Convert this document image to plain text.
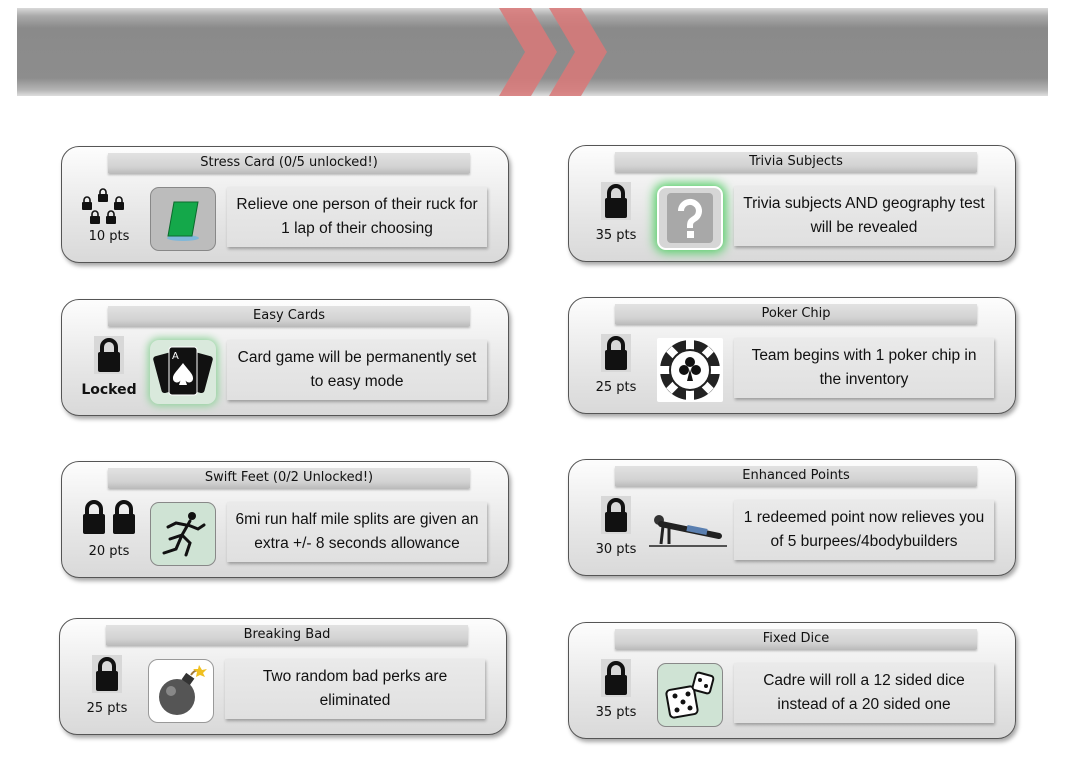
Stress Card (0/5 unlocked!)
10 pts
Relieve one person of their ruck for 1 lap of their choosing
Trivia Subjects
35 pts
Trivia subjects AND geography test will be revealed
Easy Cards
Locked
A	Card game will be permanently set to easy mode
Poker Chip
25 pts
Team begins with 1 poker chip in the inventory
Swift Feet (0/2 Unlocked!)
20 pts
6mi run half mile splits are given an extra +/- 8 seconds allowance
Enhanced Points
30 pts
1 redeemed point now relieves you of 5 burpees/4bodybuilders
Breaking Bad
25 pts
Two random bad perks are eliminated
Fixed Dice
35 pts
Cadre will roll a 12 sided dice instead of a 20 sided one
